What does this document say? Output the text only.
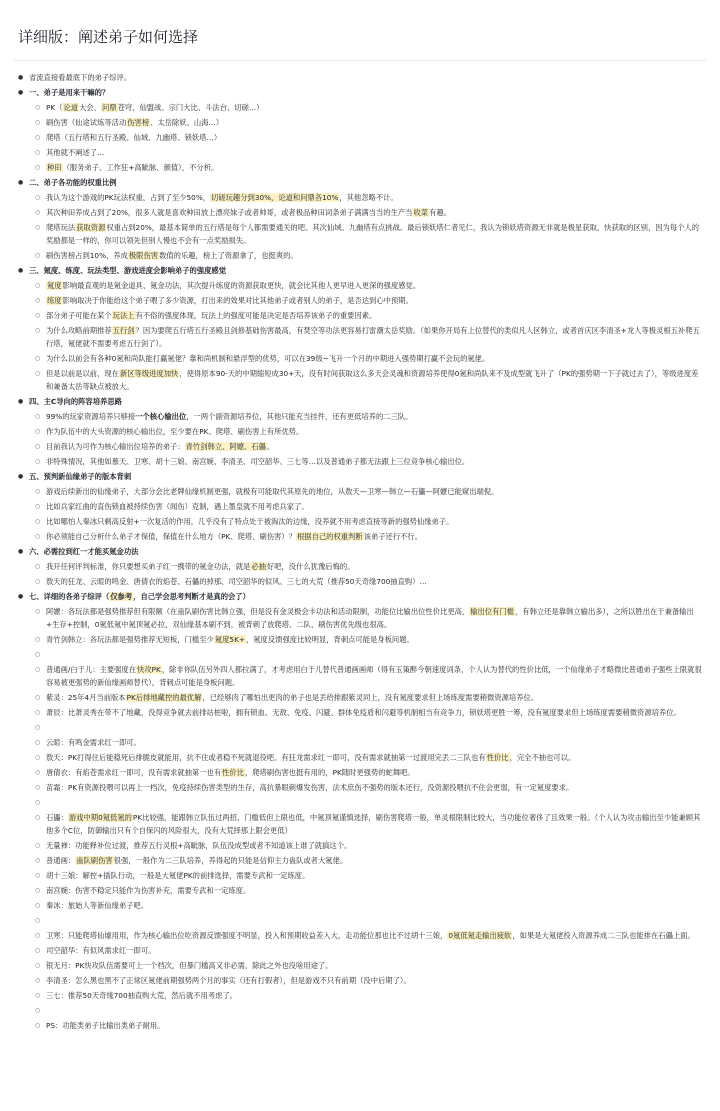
详细版：阐述弟子如何选择
● 省流直接看最底下的弟子综评。
● 一、弟子是用来干嘛的？
○ PK（论道大会、问鼎苍穹、仙盟战、宗门大比、斗法台、切磋…）
○ 刷伤害（仙途试炼等活动伤害榜、太岳除妖、山海…）
○ 爬塔（五行塔和五行圣殿、仙域、九幽塔、锁妖塔…）
○ 其他就不阐述了…
○ 种田（服务弟子、工作狂+高眦脉、颜值），不分析。
● 二、弟子各功能的权重比例
○ 我认为这个游戏的PK玩法权重，占到了至少50%，切磋玩趣分到30%，论道和问鼎各10%，其他忽略不计。
○ 其次种田养成占到了20%，很多人就是喜欢种田放上漂亮妹子或者帅哥，或者极品种田词条弟子满满当当的生产当收菜有趣。
○ 爬塔玩法获取资源权重占到20%，最基本简单的五行塔是每个人都需要通关的吧。其次仙域、九幽塔有点挑战。最后锁妖塔仁者见仁，我认为锁妖塔资源无非就是极星获取、快获取的区别，因为每个人的奖励都是一样的，你可以领先但别人慢也不会有一点奖励损失。
○ 刷伤害榜占到10%，养成极限伤害数值的乐趣，榜上了资源拿了，也挺爽的。
● 三、氪度、练度、玩法类型、游戏进度会影响弟子的强度感觉
○ 氪度影响最直观的是氪金道具、氪金功法，其次提升练度的资源获取更快，就会比其他人更早进入更深的强度感觉。
○ 练度影响取决于你能给这个弟子喂了多少资源，打出来的效果对比其他弟子或者别人的弟子，是否达到心中预期。
○ 部分弟子可能在某个玩法上有不俗的强度体现，玩法上的强度可能是决定是否培养该弟子的重要因素。
○ 为什么攻略前期推荐五行剑？因为要爬五行塔五行圣殿且剑修基础伤害最高，有焚空等功法更容易打雷潮太岳奖励。（如果你开局有上位替代的类似凡人区韩立，或者首庆区李清圣+龙人等极灵根五补爬五行塔，氪佬就不需要考虑五行剑了）。
○ 为什么以前会有各种0氪和尚队能打赢氪佬？靠和尚机制和悬浮型的优势，可以在39级~飞升一个月的中期进入强势期打赢不会玩的氪佬。
○ 但是以前是以前，现在新区等级进度加快，使得原本90-天的中期缩短成30+天，没有时间获取这么多天会灵魂和资源培养使得0氪和尚队来不及成型就飞升了（PK的强势期一下子就过去了），等级进度差和兼备太岳等缺点被放大。
● 四、主C导向的阵容培养思路
○ 99%的玩家资源培养只够接一个核心输出位，一两个副资源培养位，其他只能充当挂件，还有更低培养的二三队。
○ 作为队伍中的大头资源的核心输出位，至少要在PK、爬塔、刷伤害上有所优势。
○ 目前我认为可作为核心输出位培养的弟子：青竹剑韩立、阿嬷、石儡。
○ 非特殊情况，其他如慕天、卫寒、胡十三娘、南宫婉、李清圣、司空韶华、三七等…以及普通弟子都无法跟上三位竞争核心输出位。
● 五、预判新仙缘弟子的版本背刺
○ 游戏后续新出的仙缘弟子，大部分会比老牌仙缘机制更强，就极有可能取代其原先的地位，从敖天—卫寒—韩立—石儡—阿嬷已能窥出端倪。
○ 比如兵家红曲的直伤锁血被持续伤害（闻伤）克制，遇上墨皇就不用考虑兵家了。
○ 比如哪怕人秦冰只剩高反射+一次复活的作用，几乎没有了特点处于被淘汰的边缘，没养就不用考虑直接等新的强势仙缘弟子。
○ 你必须能自己分析什么弟子才保值，保值在什么地方（PK、爬塔、刷伤害）？根据自己的权重判断该弟子还行不行。
● 六、必需拉到红一才能买氪金功法
○ 我开任何评判标准，你只要想买弟子红一携带的氪金功法，就是必抽好吧，没什么犹豫后悔的。
○ 敖天的狂龙、云暄的鸣金、唐倩衣的焰苍、石儡的掉那、司空韶华的似风、三七的大荒（推荐50天奇缘700抽直购）…
● 七、详细的各弟子综评（仅参考，自己学会思考判断才是真的会了）
○ 阿嬷：各玩法都是强势推荐但有限额（在蛊队刷伤害比韩立强，但是没有金灵极会卡功法和活动限制，功能位比输出位性价比更高，输出位有门槛，有韩立还是靠韩立输出多），之所以胜出在于兼备输出+生存+控制，0氪低氪中氪顶氪必拉，双仙缘基本刷不到，被背刺了放爬塔、二队、刷伤害优先级也很高。
○ 青竹剑韩立：各玩法都是强势推荐无短板，门槛至少氪度5K+，氪度反馈强度比较明显，背刺点可能是身板问题。
○

○ 普通画/白于儿：主要强度在快攻PK，除非你队伍另外四人都拉满了，才考虑用白于儿替代普通画画师（得有玉策醉今朝速度词条，个人认为替代的性价比低，一个仙缘弟子才略微比普通弟子强些上限就很容易被更强势的新仙缘画师替代），背刺点可能是身板问题。
○ 紫灵：25年4月当前版本PK后排地藏控的最优解，已经够肉了哪怕出更肉的弟子也是丢给排跟紫灵同上，没有氪度要求但上场练度需要稍微资源培养位。
○ 萧辰：比萧灵秀在带不了地藏，没得竞争就去前排站桩啦，拥有锁血、无敌、免疫、闪避、群体免疫盾和闪避等机制相当有竞争力，锁妖塔更胜一筹，没有氪度要求但上场练度需要稍微资源培养位。
○

○ 云暄：有鸣金需求红一即可。
○ 敖天：PK打得住后能稳死后排脆皮就能用，抗不住或者稳不死就退役吧。有狂龙需求红一即可，没有需求就抽第一过渡用完丢二三队也有性价比，完全不抽也可以。
○ 唐倩衣：有焰苍需求红一即可，没有需求就抽第一也有性价比，爬塔刷伤害也挺有用的，PK随时更强势的蛇舞吧。
○ 苗霜：PK有资源投喂可以再上一档次，免疫持续伤害类型的生存，高抗暴眼刺爆发伤害，法术庶伤不强势的版本还行，没资源投喂抗不住会更弱，有一定氪度要求。
○

○ 石儡：游戏中期0氪低氪的PK比较强，能跟韩立队伍过两招，门槛低但上限也低，中氪顶氪谨慎选择，刷伤害爬塔一般，单灵根限制比较大，当功能位奢侈了且效果一般。（个人认为攻击输出至少能兼顾其他多个C位，防御输出只有个自保闪的风险很大，没有大荒择那上限会更低）
○ 无量禅：功能释补位过渡，推荐五行灵根+高眦脉，队伍没成型或者不知道该上谁了就搞这个。
○ 普通画：蛊队刷伤害很强，一般作为二三队培养，养得起的只能是信仰主力蛊队或者大氪佬。
○ 胡十三娘：解控+插队行动，一般是大氪佬PK的前排选择，需要专武和一定练度。
○ 南宫婉：伤害不稳定只能作为伤害补充，需要专武和一定练度。
○ 秦冰：旅始人等新仙缘弟子吧。
○

○ 卫寒：只能爬塔仙墟用用，作为核心输出位吃资源反馈强度不明显，投入和预期收益差入大，走功能位那也比不过胡十三娘，0氪低氪走输出疲软，如果是大氪佬投入资源养成二三队也能排在石儡上面。
○ 司空韶华：有似风需求红一即可。
○ 银无月：PK快攻队伍需要可上一个档次，但暴门槛高又非必需，除此之外也没啥用途了。
○ 李清圣：怎么黑也黑不了正常区氪佬前期强势两个月的事实（还有打假者），但是游戏不只有前期（没中后期了）。
○ 三七：推荐50天奇缘700抽直购大荒，然后就不用考虑了。
○

○ PS：功能类弟子比输出类弟子耐用。
